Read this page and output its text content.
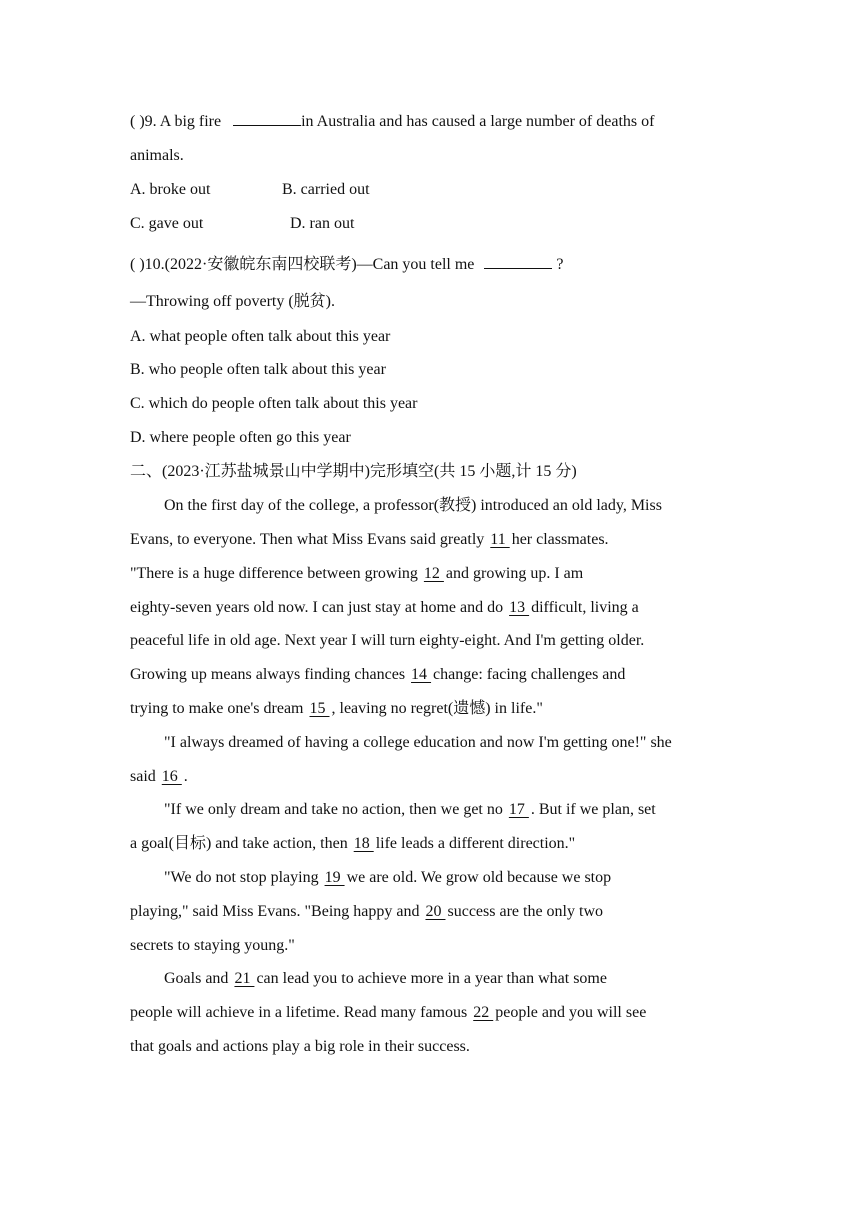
( )9. A big fire	in Australia and has caused a large number of deaths of
animals.
A. broke out	B. carried out
C. gave out	D. ran out
( )10.(2022·安徽皖东南四校联考)—Can you tell me	?
—Throwing off poverty (脱贫).
A. what people often talk about this year
B. who people often talk about this year
C. which do people often talk about this year
D. where people often go this year
二、(2023·江苏盐城景山中学期中)完形填空(共 15 小题,计 15 分)
On the first day of the college, a professor(教授) introduced an old lady, Miss
Evans, to everyone. Then what Miss Evans said greatly 11 her classmates.
"There is a huge difference between growing 12 and growing up. I am
eighty-seven years old now. I can just stay at home and do 13 difficult, living a
peaceful life in old age. Next year I will turn eighty-eight. And I'm getting older.
Growing up means always finding chances 14 change: facing challenges and
trying to make one's dream 15 , leaving no regret(遗憾) in life."
"I always dreamed of having a college education and now I'm getting one!" she
said 16 .
"If we only dream and take no action, then we get no 17 . But if we plan, set
a goal(目标) and take action, then 18 life leads a different direction."
"We do not stop playing 19 we are old. We grow old because we stop
playing," said Miss Evans. "Being happy and 20 success are the only two
secrets to staying young."
Goals and 21 can lead you to achieve more in a year than what some
people will achieve in a lifetime. Read many famous 22 people and you will see
that goals and actions play a big role in their success.
